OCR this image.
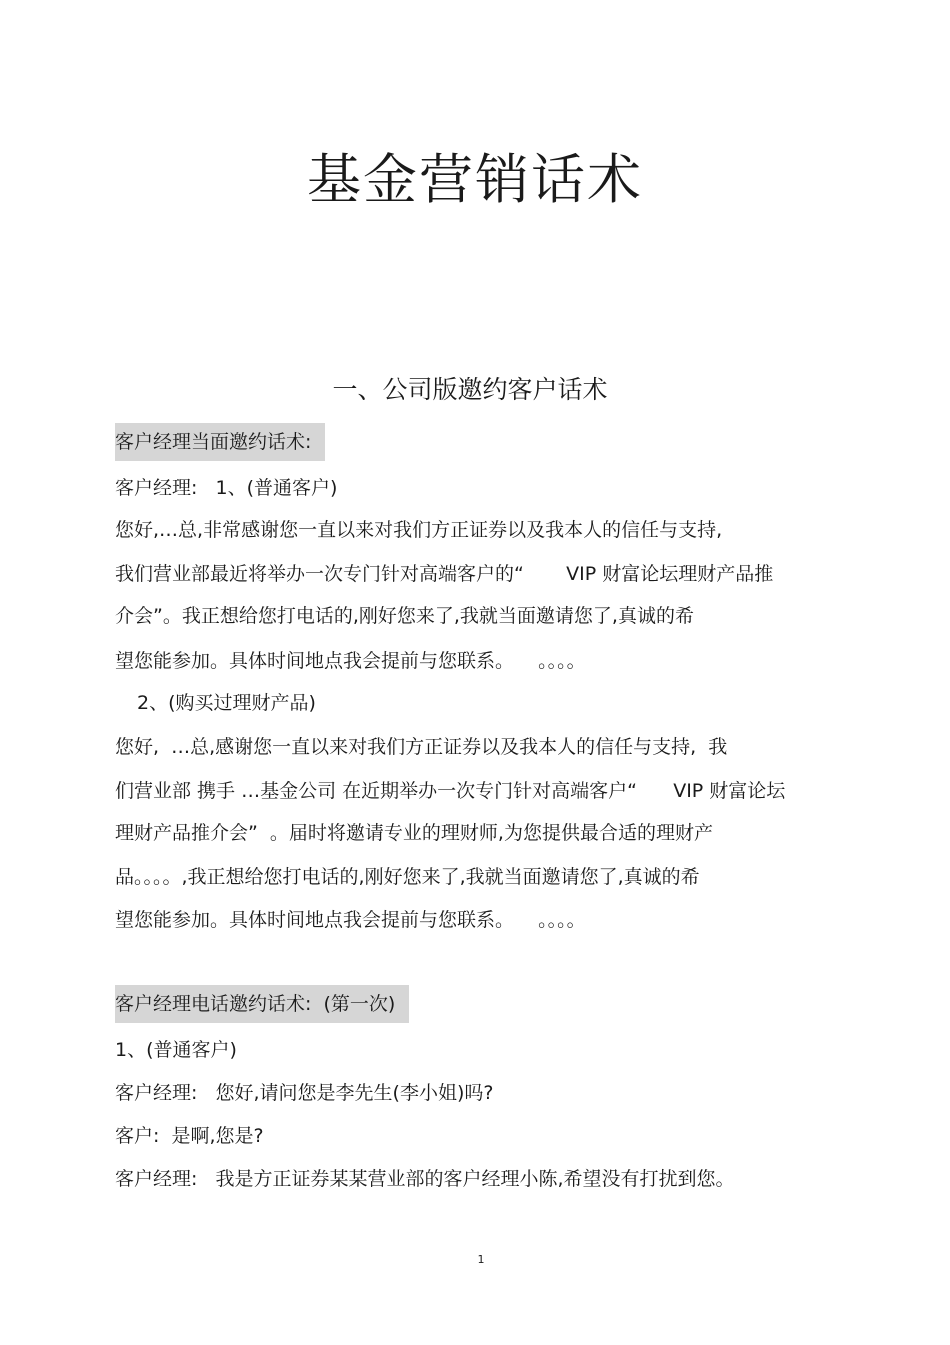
基金营销话术
一、公司版邀约客户话术
客户经理当面邀约话术:
客户经理:   1、(普通客户)
您好,…总,非常感谢您一直以来对我们方正证券以及我本人的信任与支持,
我们营业部最近将举办一次专门针对高端客户的“       VIP 财富论坛理财产品推
介会”。我正想给您打电话的,刚好您来了,我就当面邀请您了,真诚的希
望您能参加。具体时间地点我会提前与您联系。    。。。。
2、(购买过理财产品)
您好,  …总,感谢您一直以来对我们方正证券以及我本人的信任与支持,  我
们营业部 携手 …基金公司 在近期举办一次专门针对高端客户“      VIP 财富论坛
理财产品推介会”  。届时将邀请专业的理财师,为您提供最合适的理财产
品。。。。,我正想给您打电话的,刚好您来了,我就当面邀请您了,真诚的希
望您能参加。具体时间地点我会提前与您联系。    。。。。
客户经理电话邀约话术:  (第一次)
1、(普通客户)
客户经理:   您好,请问您是李先生(李小姐)吗?
客户:  是啊,您是?
客户经理:   我是方正证券某某营业部的客户经理小陈,希望没有打扰到您。
1
